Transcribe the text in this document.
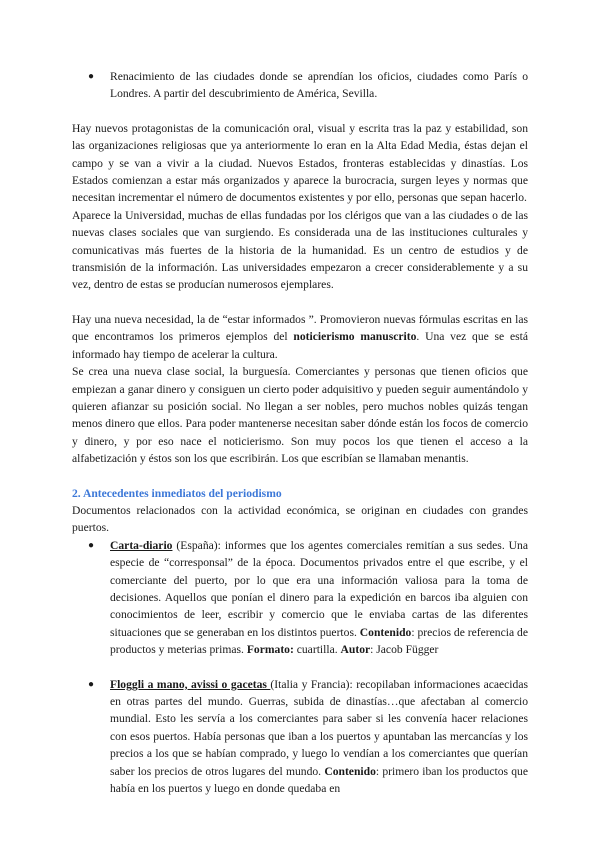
● Renacimiento de las ciudades donde se aprendían los oficios, ciudades como París o Londres. A partir del descubrimiento de América, Sevilla.

Hay nuevos protagonistas de la comunicación oral, visual y escrita tras la paz y estabilidad, son las organizaciones religiosas que ya anteriormente lo eran en la Alta Edad Media, éstas dejan el campo y se van a vivir a la ciudad. Nuevos Estados, fronteras establecidas y dinastías. Los Estados comienzan a estar más organizados y aparece la burocracia, surgen leyes y normas que necesitan incrementar el número de documentos existentes y por ello, personas que sepan hacerlo.

Aparece la Universidad, muchas de ellas fundadas por los clérigos que van a las ciudades o de las nuevas clases sociales que van surgiendo. Es considerada una de las instituciones culturales y comunicativas más fuertes de la historia de la humanidad. Es un centro de estudios y de transmisión de la información. Las universidades empezaron a crecer considerablemente y a su vez, dentro de estas se producían numerosos ejemplares.

Hay una nueva necesidad, la de “estar informados ”. Promovieron nuevas fórmulas escritas en las que encontramos los primeros ejemplos del noticierismo manuscrito. Una vez que se está informado hay tiempo de acelerar la cultura.

Se crea una nueva clase social, la burguesía. Comerciantes y personas que tienen oficios que empiezan a ganar dinero y consiguen un cierto poder adquisitivo y pueden seguir aumentándolo y quieren afianzar su posición social. No llegan a ser nobles, pero muchos nobles quizás tengan menos dinero que ellos. Para poder mantenerse necesitan saber dónde están los focos de comercio y dinero, y por eso nace el noticierismo. Son muy pocos los que tienen el acceso a la alfabetización y éstos son los que escribirán. Los que escribían se llamaban menantis.

2. Antecedentes inmediatos del periodismo

Documentos relacionados con la actividad económica, se originan en ciudades con grandes puertos.

● Carta-diario (España): informes que los agentes comerciales remitían a sus sedes. Una especie de “corresponsal” de la época. Documentos privados entre el que escribe, y el comerciante del puerto, por lo que era una información valiosa para la toma de decisiones. Aquellos que ponían el dinero para la expedición en barcos iba alguien con conocimientos de leer, escribir y comercio que le enviaba cartas de las diferentes situaciones que se generaban en los distintos puertos. Contenido: precios de referencia de productos y meterias primas. Formato: cuartilla. Autor: Jacob Függer
● Floggli a mano, avissi o gacetas (Italia y Francia): recopilaban informaciones acaecidas en otras partes del mundo. Guerras, subida de dinastías…que afectaban al comercio mundial. Esto les servía a los comerciantes para saber si les convenía hacer relaciones con esos puertos. Había personas que iban a los puertos y apuntaban las mercancías y los precios a los que se habían comprado, y luego lo vendían a los comerciantes que querían saber los precios de otros lugares del mundo. Contenido: primero iban los productos que había en los puertos y luego en donde quedaba en
